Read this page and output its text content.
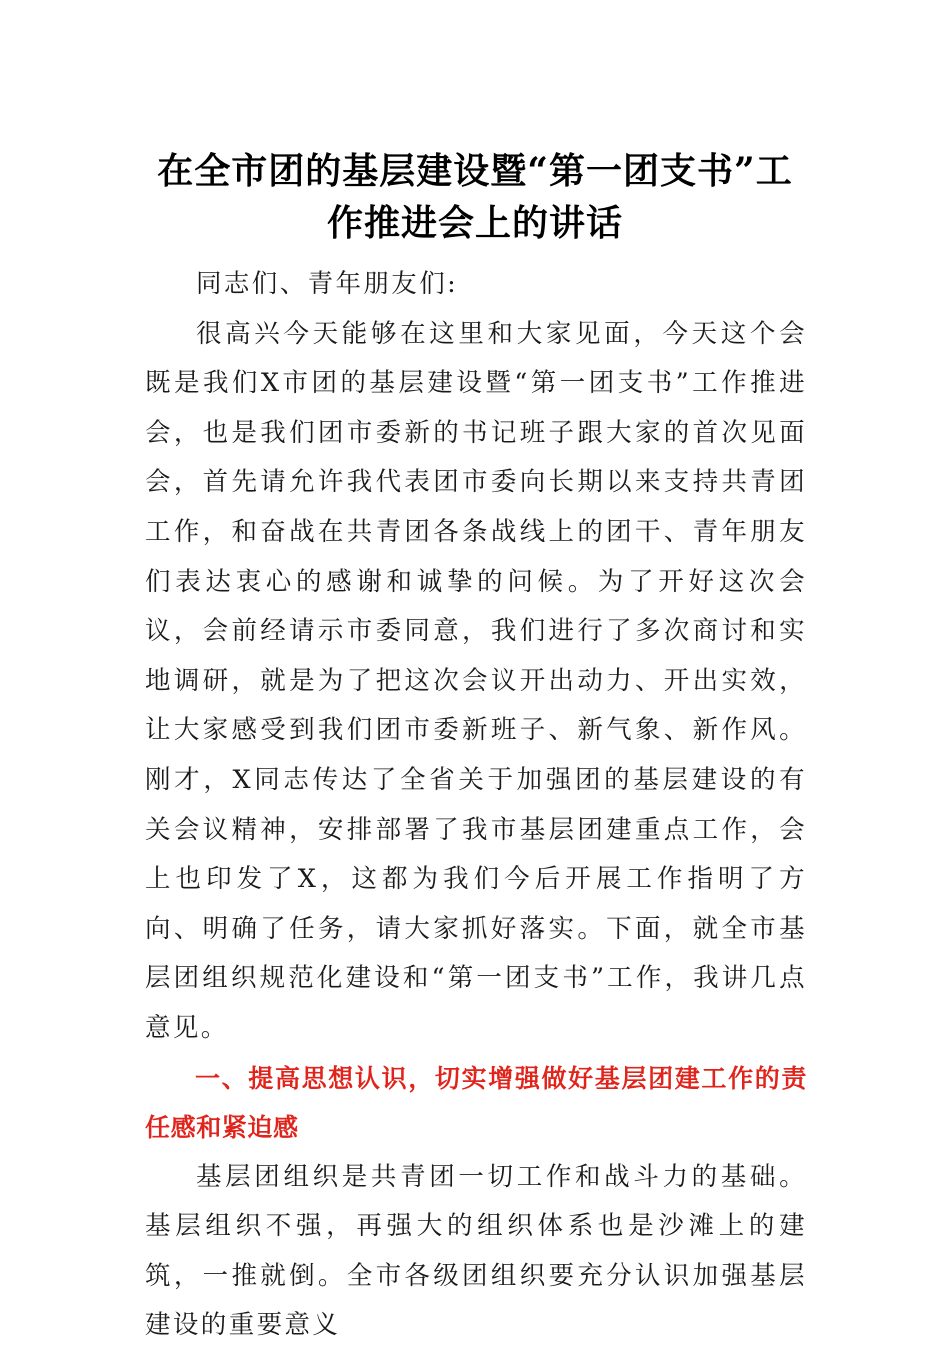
在全市团的基层建设暨“第一团支书”工
作推进会上的讲话

同志们、青年朋友们:

很高兴今天能够在这里和大家见面，今天这个会既是我们X市团的基层建设暨“第一团支书”工作推进会，也是我们团市委新的书记班子跟大家的首次见面会，首先请允许我代表团市委向长期以来支持共青团工作，和奋战在共青团各条战线上的团干、青年朋友们表达衷心的感谢和诚挚的问候。为了开好这次会议，会前经请示市委同意，我们进行了多次商讨和实地调研，就是为了把这次会议开出动力、开出实效，让大家感受到我们团市委新班子、新气象、新作风。刚才，X同志传达了全省关于加强团的基层建设的有关会议精神，安排部署了我市基层团建重点工作，会上也印发了X，这都为我们今后开展工作指明了方向、明确了任务，请大家抓好落实。下面，就全市基层团组织规范化建设和“第一团支书”工作，我讲几点意见。

一、提高思想认识，切实增强做好基层团建工作的责任感和紧迫感

基层团组织是共青团一切工作和战斗力的基础。基层组织不强，再强大的组织体系也是沙滩上的建筑，一推就倒。全市各级团组织要充分认识加强基层建设的重要意义
